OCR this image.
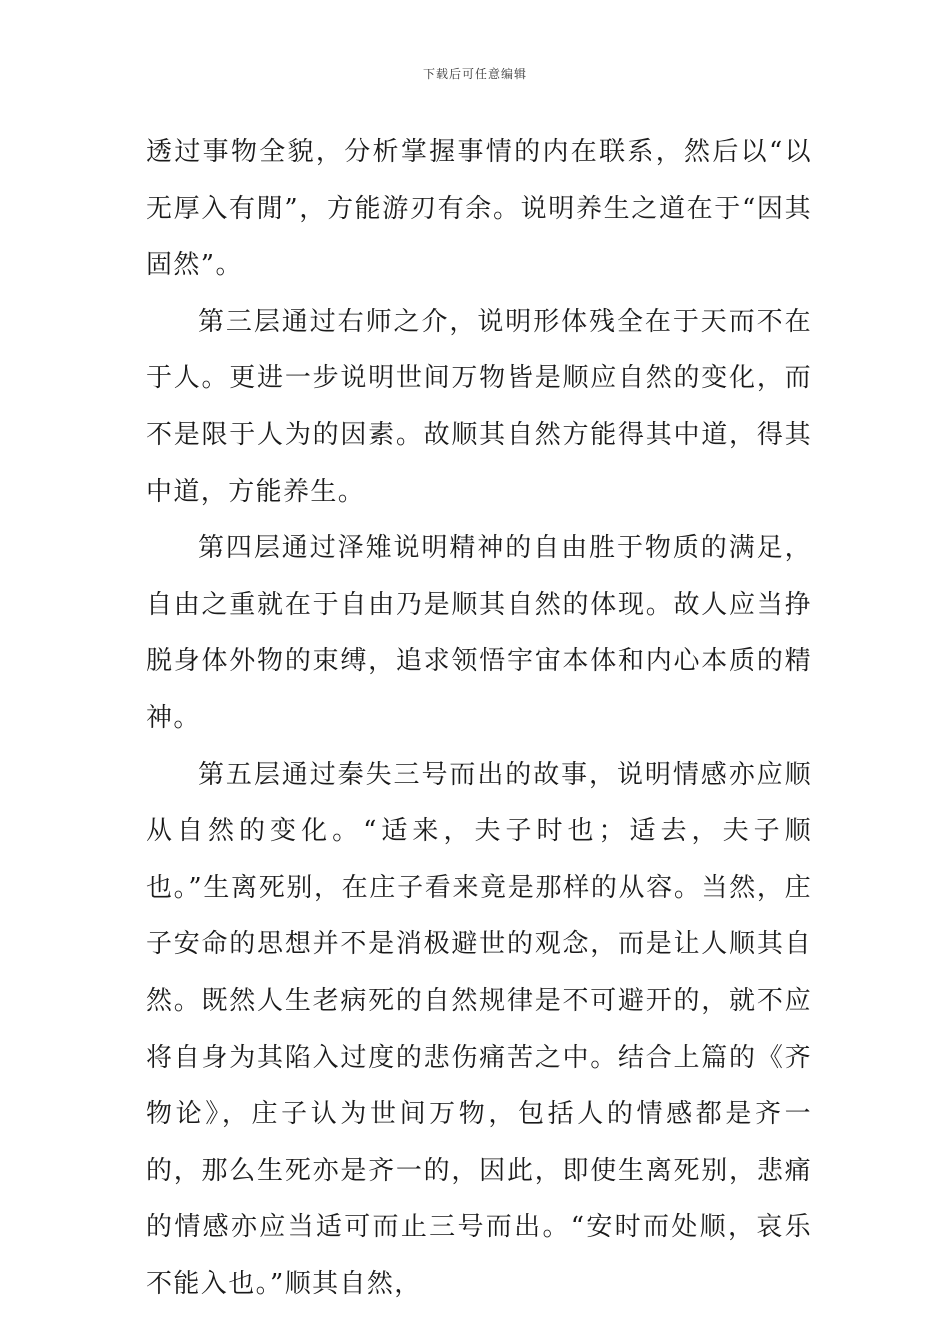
下载后可任意编辑

透过事物全貌，分析掌握事情的内在联系，然后以“以无厚入有閒”，方能游刃有余。说明养生之道在于“因其固然”。

第三层通过右师之介，说明形体残全在于天而不在于人。更进一步说明世间万物皆是顺应自然的变化，而不是限于人为的因素。故顺其自然方能得其中道，得其中道，方能养生。

第四层通过泽雉说明精神的自由胜于物质的满足，自由之重就在于自由乃是顺其自然的体现。故人应当挣脱身体外物的束缚，追求领悟宇宙本体和内心本质的精神。

第五层通过秦失三号而出的故事，说明情感亦应顺从自然的变化。“适来，夫子时也；适去，夫子顺也。”生离死别，在庄子看来竟是那样的从容。当然，庄子安命的思想并不是消极避世的观念，而是让人顺其自然。既然人生老病死的自然规律是不可避开的，就不应将自身为其陷入过度的悲伤痛苦之中。结合上篇的《齐物论》，庄子认为世间万物，包括人的情感都是齐一的，那么生死亦是齐一的，因此，即使生离死别，悲痛的情感亦应当适可而止三号而出。“安时而处顺，哀乐不能入也。”顺其自然，
